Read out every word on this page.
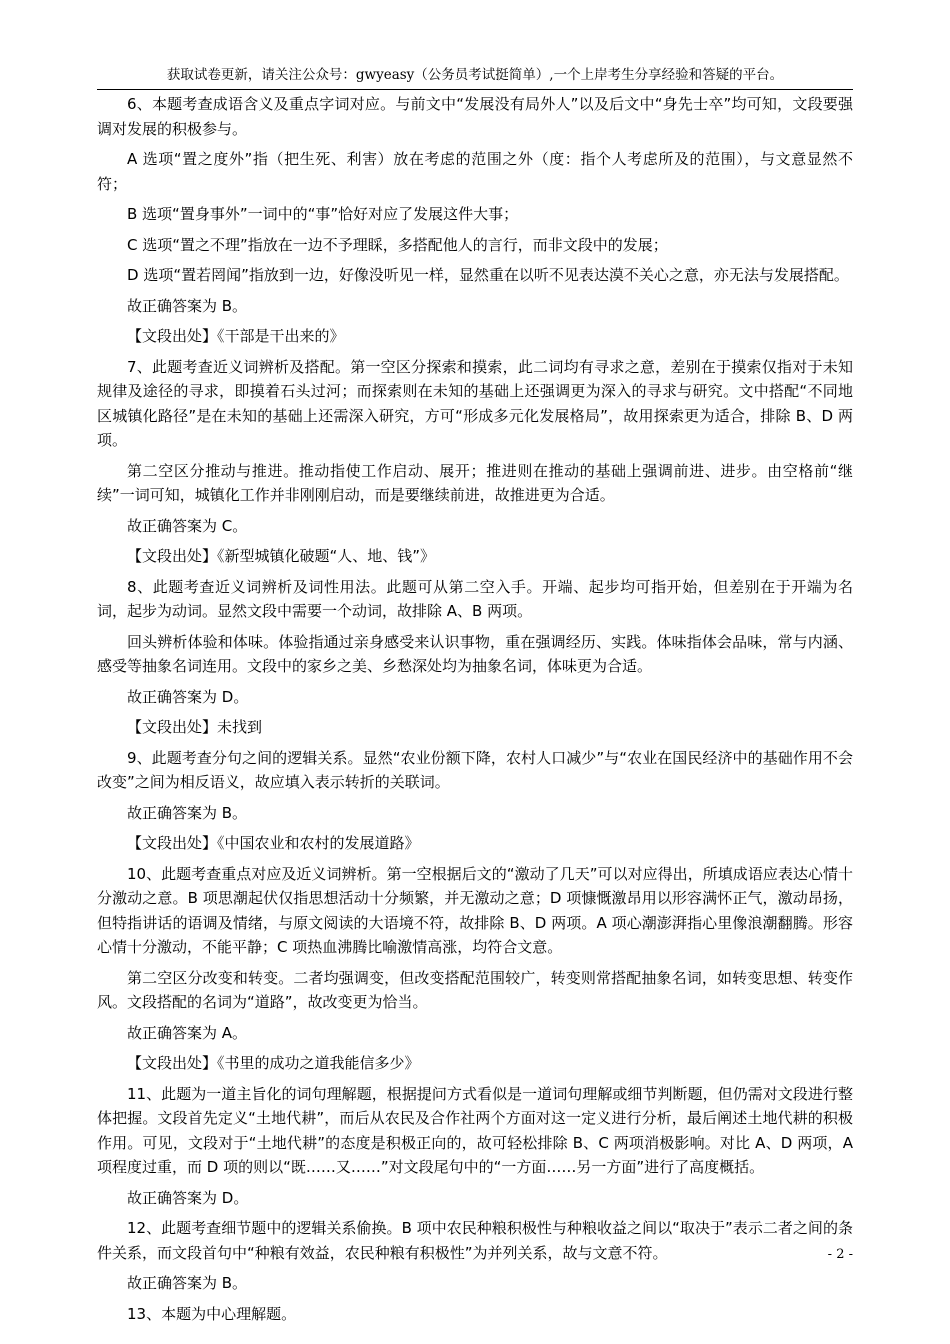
获取试卷更新，请关注公众号：gwyeasy（公务员考试挺简单）,一个上岸考生分享经验和答疑的平台。

6、本题考查成语含义及重点字词对应。与前文中“发展没有局外人”以及后文中“身先士卒”均可知，文段要强调对发展的积极参与。

A 选项“置之度外”指（把生死、利害）放在考虑的范围之外（度：指个人考虑所及的范围），与文意显然不符；

B 选项“置身事外”一词中的“事”恰好对应了发展这件大事；

C 选项“置之不理”指放在一边不予理睬，多搭配他人的言行，而非文段中的发展；

D 选项“置若罔闻”指放到一边，好像没听见一样，显然重在以听不见表达漠不关心之意，亦无法与发展搭配。

故正确答案为 B。

【文段出处】《干部是干出来的》

7、此题考查近义词辨析及搭配。第一空区分探索和摸索，此二词均有寻求之意，差别在于摸索仅指对于未知规律及途径的寻求，即摸着石头过河；而探索则在未知的基础上还强调更为深入的寻求与研究。文中搭配“不同地区城镇化路径”是在未知的基础上还需深入研究，方可“形成多元化发展格局”，故用探索更为适合，排除 B、D 两项。

第二空区分推动与推进。推动指使工作启动、展开；推进则在推动的基础上强调前进、进步。由空格前“继续”一词可知，城镇化工作并非刚刚启动，而是要继续前进，故推进更为合适。

故正确答案为 C。

【文段出处】《新型城镇化破题“人、地、钱”》

8、此题考查近义词辨析及词性用法。此题可从第二空入手。开端、起步均可指开始，但差别在于开端为名词，起步为动词。显然文段中需要一个动词，故排除 A、B 两项。

回头辨析体验和体味。体验指通过亲身感受来认识事物，重在强调经历、实践。体味指体会品味，常与内涵、感受等抽象名词连用。文段中的家乡之美、乡愁深处均为抽象名词，体味更为合适。

故正确答案为 D。

【文段出处】未找到

9、此题考查分句之间的逻辑关系。显然“农业份额下降，农村人口减少”与“农业在国民经济中的基础作用不会改变”之间为相反语义，故应填入表示转折的关联词。

故正确答案为 B。

【文段出处】《中国农业和农村的发展道路》

10、此题考查重点对应及近义词辨析。第一空根据后文的“激动了几天”可以对应得出，所填成语应表达心情十分激动之意。B 项思潮起伏仅指思想活动十分频繁，并无激动之意；D 项慷慨激昂用以形容满怀正气，激动昂扬，但特指讲话的语调及情绪，与原文阅读的大语境不符，故排除 B、D 两项。A 项心潮澎湃指心里像浪潮翻腾。形容心情十分激动，不能平静；C 项热血沸腾比喻激情高涨，均符合文意。

第二空区分改变和转变。二者均强调变，但改变搭配范围较广，转变则常搭配抽象名词，如转变思想、转变作风。文段搭配的名词为“道路”，故改变更为恰当。

故正确答案为 A。

【文段出处】《书里的成功之道我能信多少》

11、此题为一道主旨化的词句理解题，根据提问方式看似是一道词句理解或细节判断题，但仍需对文段进行整体把握。文段首先定义“土地代耕”，而后从农民及合作社两个方面对这一定义进行分析，最后阐述土地代耕的积极作用。可见，文段对于“土地代耕”的态度是积极正向的，故可轻松排除 B、C 两项消极影响。对比 A、D 两项，A 项程度过重，而 D 项的则以“既……又……”对文段尾句中的“一方面……另一方面”进行了高度概括。

故正确答案为 D。

12、此题考查细节题中的逻辑关系偷换。B 项中农民种粮积极性与种粮收益之间以“取决于”表示二者之间的条件关系，而文段首句中“种粮有效益，农民种粮有积极性”为并列关系，故与文意不符。

故正确答案为 B。

13、本题为中心理解题。

- 2 -
